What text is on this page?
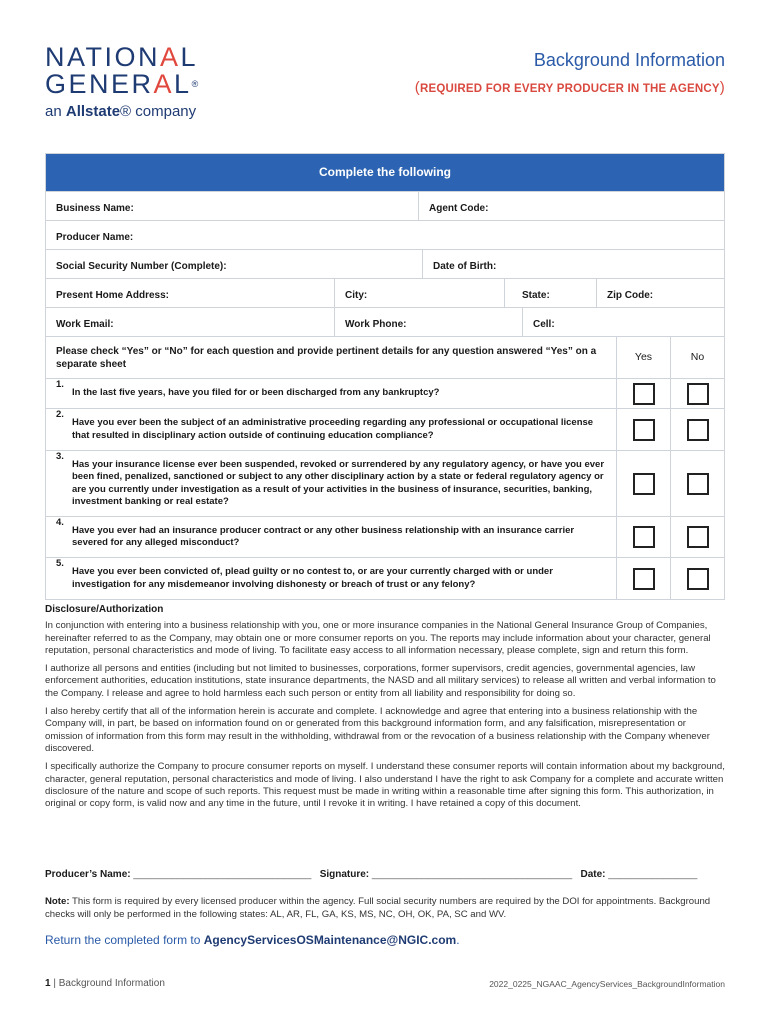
NATIONAL
GENERAL®
an Allstate® company
Background Information
(REQUIRED FOR EVERY PRODUCER IN THE AGENCY)
Complete the following
Business Name:	Agent Code:
Producer Name:
Social Security Number (Complete):	Date of Birth:
Present Home Address:	City:	State:	Zip Code:
Work Email:	Work Phone:	Cell:
Please check “Yes” or “No” for each question and provide pertinent details for any question answered “Yes” on a separate sheet
Yes	No
1.
In the last five years, have you filed for or been discharged from any bankruptcy?
2.
Have you ever been the subject of an administrative proceeding regarding any professional or occupational license that resulted in disciplinary action outside of continuing education compliance?
3.
Has your insurance license ever been suspended, revoked or surrendered by any regulatory agency, or have you ever been fined, penalized, sanctioned or subject to any other disciplinary action by a state or federal regulatory agency or are you currently under investigation as a result of your activities in the business of insurance, securities, banking, investment banking or real estate?
4.
Have you ever had an insurance producer contract or any other business relationship with an insurance carrier severed for any alleged misconduct?
5.
Have you ever been convicted of, plead guilty or no contest to, or are your currently charged with or under investigation for any misdemeanor involving dishonesty or breach of trust or any felony?
Disclosure/Authorization
In conjunction with entering into a business relationship with you, one or more insurance companies in the National General Insurance Group of Companies, hereinafter referred to as the Company, may obtain one or more consumer reports on you. The reports may include information about your character, general reputation, personal characteristics and mode of living. To facilitate easy access to all information necessary, please complete, sign and return this form.
I authorize all persons and entities (including but not limited to businesses, corporations, former supervisors, credit agencies, governmental agencies, law enforcement authorities, education institutions, state insurance departments, the NASD and all military services) to release all written and verbal information to the Company. I release and agree to hold harmless each such person or entity from all liability and responsibility for doing so.
I also hereby certify that all of the information herein is accurate and complete. I acknowledge and agree that entering into a business relationship with the Company will, in part, be based on information found on or generated from this background information form, and any falsification, misrepresentation or omission of information from this form may result in the withholding, withdrawal from or the revocation of a business relationship with the Company whenever discovered.
I specifically authorize the Company to procure consumer reports on myself. I understand these consumer reports will contain information about my background, character, general reputation, personal characteristics and mode of living. I also understand I have the right to ask Company for a complete and accurate written disclosure of the nature and scope of such reports. This request must be made in writing within a reasonable time after signing this form. This authorization, in original or copy form, is valid now and any time in the future, until I revoke it in writing. I have retained a copy of this document.
Producer’s Name: ________________________________ Signature: ____________________________________ Date: ________________
Note: This form is required by every licensed producer within the agency. Full social security numbers are required by the DOI for appointments. Background checks will only be performed in the following states: AL, AR, FL, GA, KS, MS, NC, OH, OK, PA, SC and WV.
Return the completed form to AgencyServicesOSMaintenance@NGIC.com.
1 | Background Information	2022_0225_NGAAC_AgencyServices_BackgroundInformation
